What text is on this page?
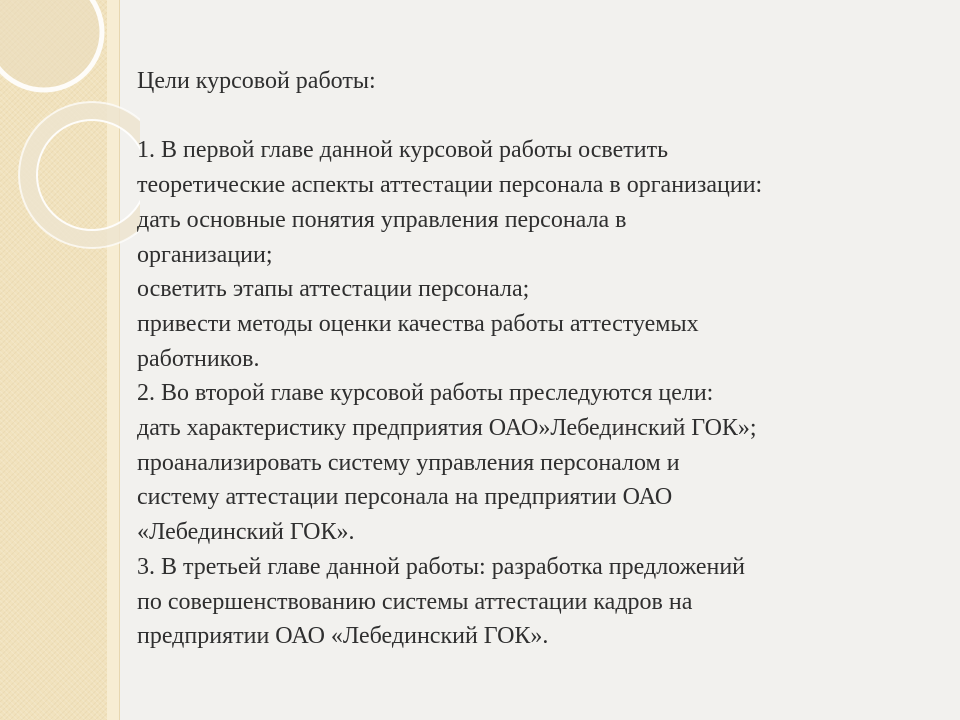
Цели курсовой работы:
1. В первой главе данной курсовой работы осветить
теоретические аспекты аттестации персонала в организации:
дать основные понятия управления персонала в
организации;
осветить этапы аттестации персонала;
привести методы оценки качества работы аттестуемых
работников.
2. Во второй главе курсовой работы преследуются цели:
дать характеристику предприятия ОАО»Лебединский ГОК»;
проанализировать систему управления персоналом и
систему аттестации персонала на предприятии ОАО
«Лебединский ГОК».
3. В третьей главе данной работы: разработка предложений
по совершенствованию системы аттестации кадров на
предприятии ОАО «Лебединский ГОК».
